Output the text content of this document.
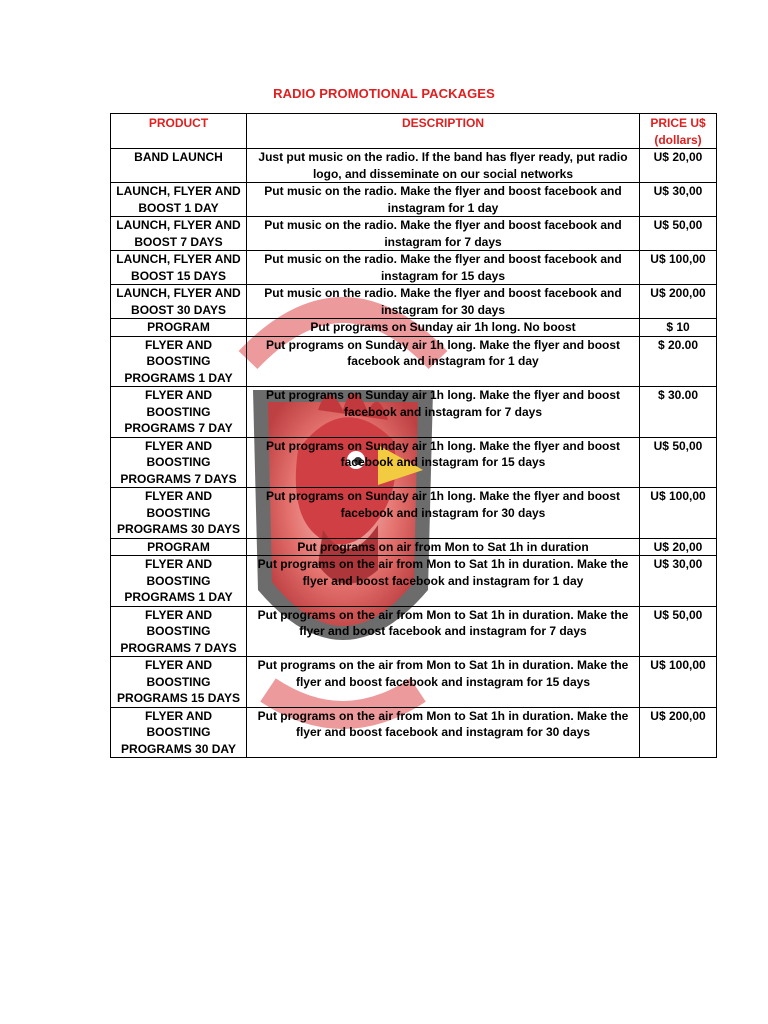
RADIO PROMOTIONAL PACKAGES
PRODUCT	DESCRIPTION	PRICE U$ (dollars)
BAND LAUNCH	Just put music on the radio. If the band has flyer ready, put radio logo, and disseminate on our social networks	U$ 20,00
LAUNCH, FLYER AND BOOST 1 DAY	Put music on the radio. Make the flyer and boost facebook and instagram for 1 day	U$ 30,00
LAUNCH, FLYER AND BOOST 7 DAYS	Put music on the radio. Make the flyer and boost facebook and instagram for 7 days	U$ 50,00
LAUNCH, FLYER AND BOOST 15 DAYS	Put music on the radio. Make the flyer and boost facebook and instagram for 15 days	U$ 100,00
LAUNCH, FLYER AND BOOST 30 DAYS	Put music on the radio. Make the flyer and boost facebook and instagram for 30 days	U$ 200,00
PROGRAM	Put programs on Sunday air 1h long. No boost	$ 10
FLYER AND BOOSTING PROGRAMS 1 DAY	Put programs on Sunday air 1h long. Make the flyer and boost facebook and instagram for 1 day	$ 20.00
FLYER AND BOOSTING PROGRAMS 7 DAY	Put programs on Sunday air 1h long. Make the flyer and boost facebook and instagram for 7 days	$ 30.00
FLYER AND BOOSTING PROGRAMS 7 DAYS	Put programs on Sunday air 1h long. Make the flyer and boost facebook and instagram for 15 days	U$ 50,00
FLYER AND BOOSTING PROGRAMS 30 DAYS	Put programs on Sunday air 1h long. Make the flyer and boost facebook and instagram for 30 days	U$ 100,00
PROGRAM	Put programs on air from Mon to Sat 1h in duration	U$ 20,00
FLYER AND BOOSTING PROGRAMS 1 DAY	Put programs on the air from Mon to Sat 1h in duration. Make the flyer and boost facebook and instagram for 1 day	U$ 30,00
FLYER AND BOOSTING PROGRAMS 7 DAYS	Put programs on the air from Mon to Sat 1h in duration. Make the flyer and boost facebook and instagram for 7 days	U$ 50,00
FLYER AND BOOSTING PROGRAMS 15 DAYS	Put programs on the air from Mon to Sat 1h in duration. Make the flyer and boost facebook and instagram for 15 days	U$ 100,00
FLYER AND BOOSTING PROGRAMS 30 DAY	Put programs on the air from Mon to Sat 1h in duration. Make the flyer and boost facebook and instagram for 30 days	U$ 200,00
